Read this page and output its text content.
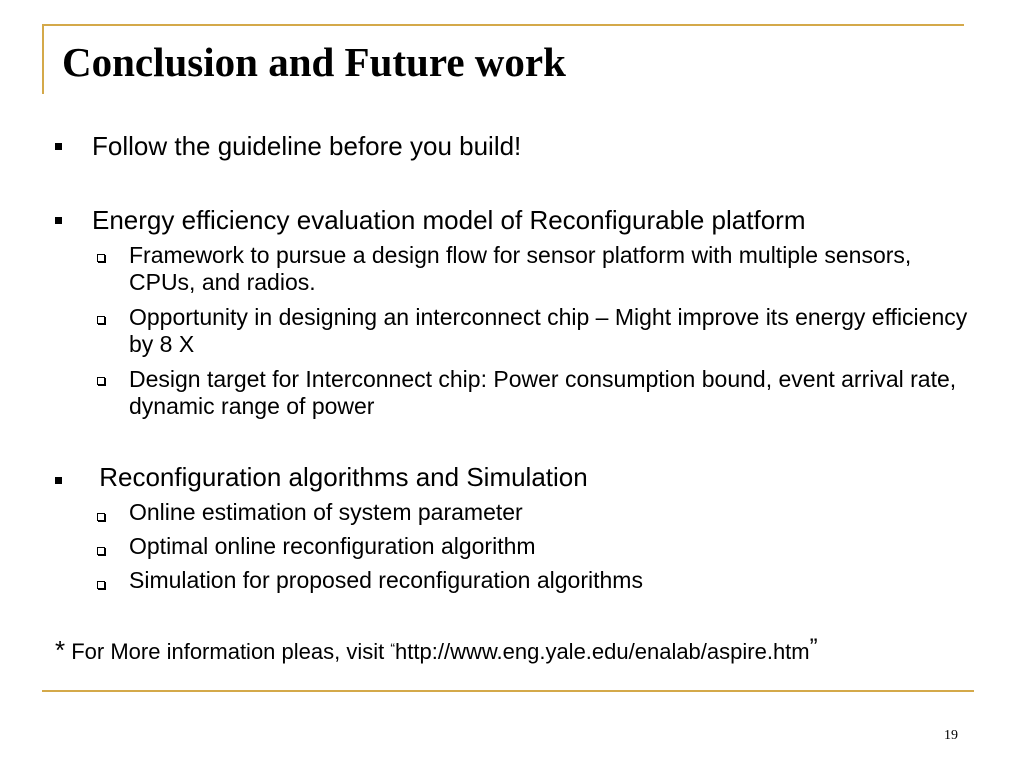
Conclusion and Future work
Follow the guideline before you build!
Energy efficiency evaluation model of Reconfigurable platform
Framework to pursue a design flow for sensor platform with multiple sensors, CPUs, and radios.
Opportunity in designing an interconnect chip – Might improve its energy efficiency by 8 X
Design target for Interconnect chip: Power consumption bound, event arrival rate, dynamic range of power
Reconfiguration algorithms and Simulation
Online estimation of system parameter
Optimal online reconfiguration algorithm
Simulation for proposed reconfiguration algorithms
* For More information pleas, visit “http://www.eng.yale.edu/enalab/aspire.htm”
19
